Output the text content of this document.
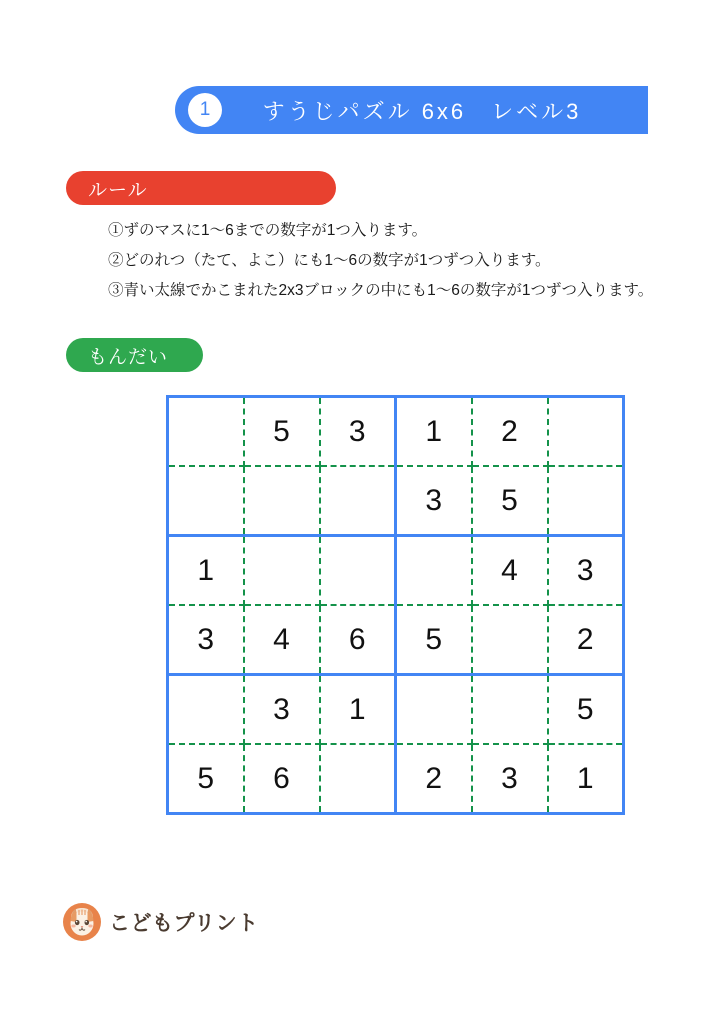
1	すうじパズル 6x6　レベル3
ルール
①ずのマスに1～6までの数字が1つ入ります。
②どのれつ（たて、よこ）にも1～6の数字が1つずつ入ります。
③青い太線でかこまれた2x3ブロックの中にも1～6の数字が1つずつ入ります。
もんだい
	5	3	1	2	
			3	5	
1				4	3
3	4	6	5		2
	3	1			5
5	6		2	3	1
こどもプリント
